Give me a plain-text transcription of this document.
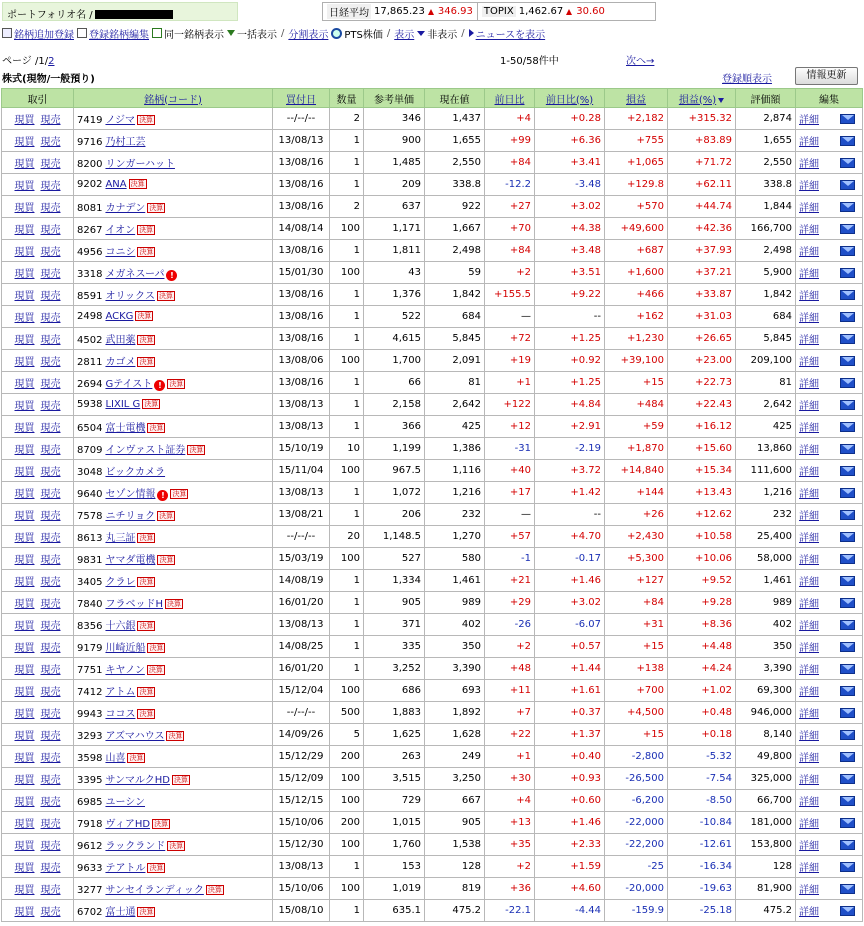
ポートフォリオ名 /	日経平均 17,865.23 346.93 TOPIX 1,462.67 30.60
銘柄追加登録 登録銘柄編集 同一銘柄表示 一括表示 / 分割表示 PTS株価 / 表示 非表示 / ニュースを表示
ページ /1/2	1-50/58件中	次へ→
株式(現物/一般預り)	登録順表示	情報更新
取引	銘柄(コード)	買付日	数量	参考単価	現在値	前日比	前日比(%)	損益	損益(%)	評価額	編集
現買 現売	7419 ノジマ 決算	--/--/--	2	346	1,437	+4	+0.28	+2,182	+315.32	2,874	詳細
現買 現売	9716 乃村工芸	13/08/13	1	900	1,655	+99	+6.36	+755	+83.89	1,655	詳細
現買 現売	8200 リンガーハット	13/08/16	1	1,485	2,550	+84	+3.41	+1,065	+71.72	2,550	詳細
現買 現売	9202 ANA 決算	13/08/16	1	209	338.8	-12.2	-3.48	+129.8	+62.11	338.8	詳細
現買 現売	8081 カナデン 決算	13/08/16	2	637	922	+27	+3.02	+570	+44.74	1,844	詳細
現買 現売	8267 イオン 決算	14/08/14	100	1,171	1,667	+70	+4.38	+49,600	+42.36	166,700	詳細
現買 現売	4956 コニシ 決算	13/08/16	1	1,811	2,498	+84	+3.48	+687	+37.93	2,498	詳細
現買 現売	3318 メガネスーパ !	15/01/30	100	43	59	+2	+3.51	+1,600	+37.21	5,900	詳細
現買 現売	8591 オリックス 決算	13/08/16	1	1,376	1,842	+155.5	+9.22	+466	+33.87	1,842	詳細
現買 現売	2498 ACKG 決算	13/08/16	1	522	684	—	--	+162	+31.03	684	詳細
現買 現売	4502 武田薬 決算	13/08/16	1	4,615	5,845	+72	+1.25	+1,230	+26.65	5,845	詳細
現買 現売	2811 カゴメ 決算	13/08/06	100	1,700	2,091	+19	+0.92	+39,100	+23.00	209,100	詳細
現買 現売	2694 Gテイスト ! 決算	13/08/16	1	66	81	+1	+1.25	+15	+22.73	81	詳細
現買 現売	5938 LIXIL G 決算	13/08/13	1	2,158	2,642	+122	+4.84	+484	+22.43	2,642	詳細
現買 現売	6504 富士電機 決算	13/08/13	1	366	425	+12	+2.91	+59	+16.12	425	詳細
現買 現売	8709 インヴァスト証券 決算	15/10/19	10	1,199	1,386	-31	-2.19	+1,870	+15.60	13,860	詳細
現買 現売	3048 ビックカメラ	15/11/04	100	967.5	1,116	+40	+3.72	+14,840	+15.34	111,600	詳細
現買 現売	9640 セゾン情報 ! 決算	13/08/13	1	1,072	1,216	+17	+1.42	+144	+13.43	1,216	詳細
現買 現売	7578 ニチリョク 決算	13/08/21	1	206	232	—	--	+26	+12.62	232	詳細
現買 現売	8613 丸三証 決算	--/--/--	20	1,148.5	1,270	+57	+4.70	+2,430	+10.58	25,400	詳細
現買 現売	9831 ヤマダ電機 決算	15/03/19	100	527	580	-1	-0.17	+5,300	+10.06	58,000	詳細
現買 現売	3405 クラレ 決算	14/08/19	1	1,334	1,461	+21	+1.46	+127	+9.52	1,461	詳細
現買 現売	7840 フラベッドH 決算	16/01/20	1	905	989	+29	+3.02	+84	+9.28	989	詳細
現買 現売	8356 十六銀 決算	13/08/13	1	371	402	-26	-6.07	+31	+8.36	402	詳細
現買 現売	9179 川崎近船 決算	14/08/25	1	335	350	+2	+0.57	+15	+4.48	350	詳細
現買 現売	7751 キヤノン 決算	16/01/20	1	3,252	3,390	+48	+1.44	+138	+4.24	3,390	詳細
現買 現売	7412 アトム 決算	15/12/04	100	686	693	+11	+1.61	+700	+1.02	69,300	詳細
現買 現売	9943 ココス 決算	--/--/--	500	1,883	1,892	+7	+0.37	+4,500	+0.48	946,000	詳細
現買 現売	3293 アズマハウス 決算	14/09/26	5	1,625	1,628	+22	+1.37	+15	+0.18	8,140	詳細
現買 現売	3598 山喜 決算	15/12/29	200	263	249	+1	+0.40	-2,800	-5.32	49,800	詳細
現買 現売	3395 サンマルクHD 決算	15/12/09	100	3,515	3,250	+30	+0.93	-26,500	-7.54	325,000	詳細
現買 現売	6985 ユーシン	15/12/15	100	729	667	+4	+0.60	-6,200	-8.50	66,700	詳細
現買 現売	7918 ヴィアHD 決算	15/10/06	200	1,015	905	+13	+1.46	-22,000	-10.84	181,000	詳細
現買 現売	9612 ラックランド 決算	15/12/30	100	1,760	1,538	+35	+2.33	-22,200	-12.61	153,800	詳細
現買 現売	9633 テアトル 決算	13/08/13	1	153	128	+2	+1.59	-25	-16.34	128	詳細
現買 現売	3277 サンセイランディック 決算	15/10/06	100	1,019	819	+36	+4.60	-20,000	-19.63	81,900	詳細
現買 現売	6702 富士通 決算	15/08/10	1	635.1	475.2	-22.1	-4.44	-159.9	-25.18	475.2	詳細
